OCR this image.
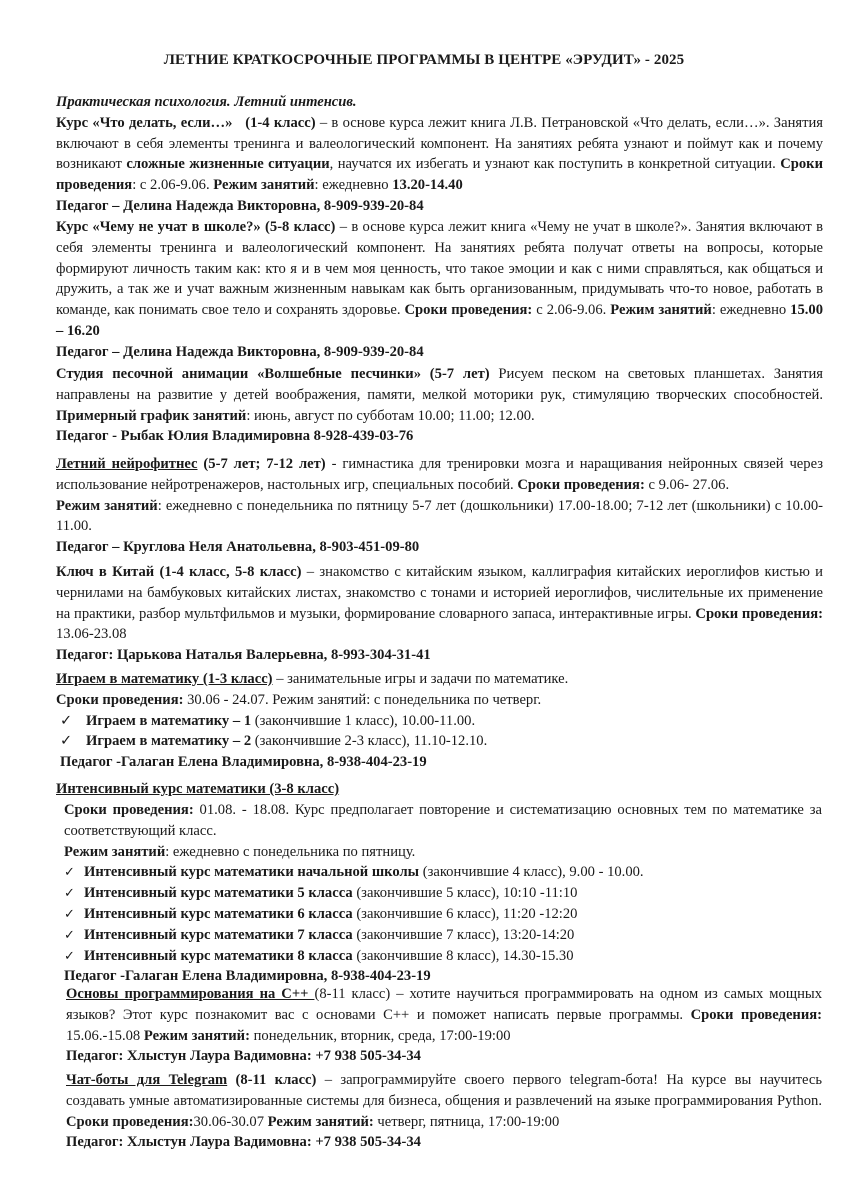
ЛЕТНИЕ КРАТКОСРОЧНЫЕ ПРОГРАММЫ В ЦЕНТРЕ «ЭРУДИТ» - 2025

Практическая психология. Летний интенсив.

Курс «Что делать, если…» (1-4 класс) – в основе курса лежит книга Л.В. Петрановской «Что делать, если…». Занятия включают в себя элементы тренинга и валеологический компонент. На занятиях ребята узнают и поймут как и почему возникают сложные жизненные ситуации, научатся их избегать и узнают как поступить в конкретной ситуации. Сроки проведения: с 2.06-9.06. Режим занятий: ежедневно 13.20-14.40

Педагог – Делина Надежда Викторовна, 8-909-939-20-84

Курс «Чему не учат в школе?» (5-8 класс) – в основе курса лежит книга «Чему не учат в школе?». Занятия включают в себя элементы тренинга и валеологический компонент. На занятиях ребята получат ответы на вопросы, которые формируют личность таким как: кто я и в чем моя ценность, что такое эмоции и как с ними справляться, как общаться и дружить, а так же и учат важным жизненным навыкам как быть организованным, придумывать что-то новое, работать в команде, как понимать свое тело и сохранять здоровье. Сроки проведения: с 2.06-9.06. Режим занятий: ежедневно 15.00 – 16.20

Педагог – Делина Надежда Викторовна, 8-909-939-20-84

Студия песочной анимации «Волшебные песчинки» (5-7 лет) Рисуем песком на световых планшетах. Занятия направлены на развитие у детей воображения, памяти, мелкой моторики рук, стимуляцию творческих способностей. Примерный график занятий: июнь, август по субботам 10.00; 11.00; 12.00.

Педагог - Рыбак Юлия Владимировна 8-928-439-03-76

Летний нейрофитнес (5-7 лет; 7-12 лет) - гимнастика для тренировки мозга и наращивания нейронных связей через использование нейротренажеров, настольных игр, специальных пособий. Сроки проведения: с 9.06- 27.06.
Режим занятий: ежедневно с понедельника по пятницу 5-7 лет (дошкольники) 17.00-18.00; 7-12 лет (школьники) с 10.00-11.00.

Педагог – Круглова Неля Анатольевна, 8-903-451-09-80

Ключ в Китай (1-4 класс, 5-8 класс) – знакомство с китайским языком, каллиграфия китайских иероглифов кистью и чернилами на бамбуковых китайских листах, знакомство с тонами и историей иероглифов, числительные их применение на практики, разбор мультфильмов и музыки, формирование словарного запаса, интерактивные игры. Сроки проведения: 13.06-23.08

Педагог: Царькова Наталья Валерьевна, 8-993-304-31-41

Играем в математику (1-3 класс) – занимательные игры и задачи по математике.

Сроки проведения: 30.06 - 24.07. Режим занятий: с понедельника по четверг.

✓ Играем в математику – 1 (закончившие 1 класс), 10.00-11.00.

✓ Играем в математику – 2 (закончившие 2-3 класс), 11.10-12.10.

Педагог -Галаган Елена Владимировна, 8-938-404-23-19

Интенсивный курс математики (3-8 класс)

Сроки проведения: 01.08. - 18.08. Курс предполагает повторение и систематизацию основных тем по математике за соответствующий класс.

Режим занятий: ежедневно с понедельника по пятницу.

✓ Интенсивный курс математики начальной школы (закончившие 4 класс), 9.00 - 10.00.

✓ Интенсивный курс математики 5 класса (закончившие 5 класс), 10:10 -11:10

✓ Интенсивный курс математики 6 класса (закончившие 6 класс), 11:20 -12:20

✓ Интенсивный курс математики 7 класса (закончившие 7 класс), 13:20-14:20

✓ Интенсивный курс математики 8 класса (закончившие 8 класс), 14.30-15.30

Педагог -Галаган Елена Владимировна, 8-938-404-23-19

Основы программирования на С++ (8-11 класс) – хотите научиться программировать на одном из самых мощных языков? Этот курс познакомит вас с основами С++ и поможет написать первые программы. Сроки проведения: 15.06.-15.08 Режим занятий: понедельник, вторник, среда, 17:00-19:00

Педагог: Хлыстун Лаура Вадимовна: +7 938 505-34-34

Чат-боты для Telegram (8-11 класс) – запрограммируйте своего первого telegram-бота! На курсе вы научитесь создавать умные автоматизированные системы для бизнеса, общения и развлечений на языке программирования Python. Сроки проведения:30.06-30.07 Режим занятий: четверг, пятница, 17:00-19:00

Педагог: Хлыстун Лаура Вадимовна: +7 938 505-34-34
